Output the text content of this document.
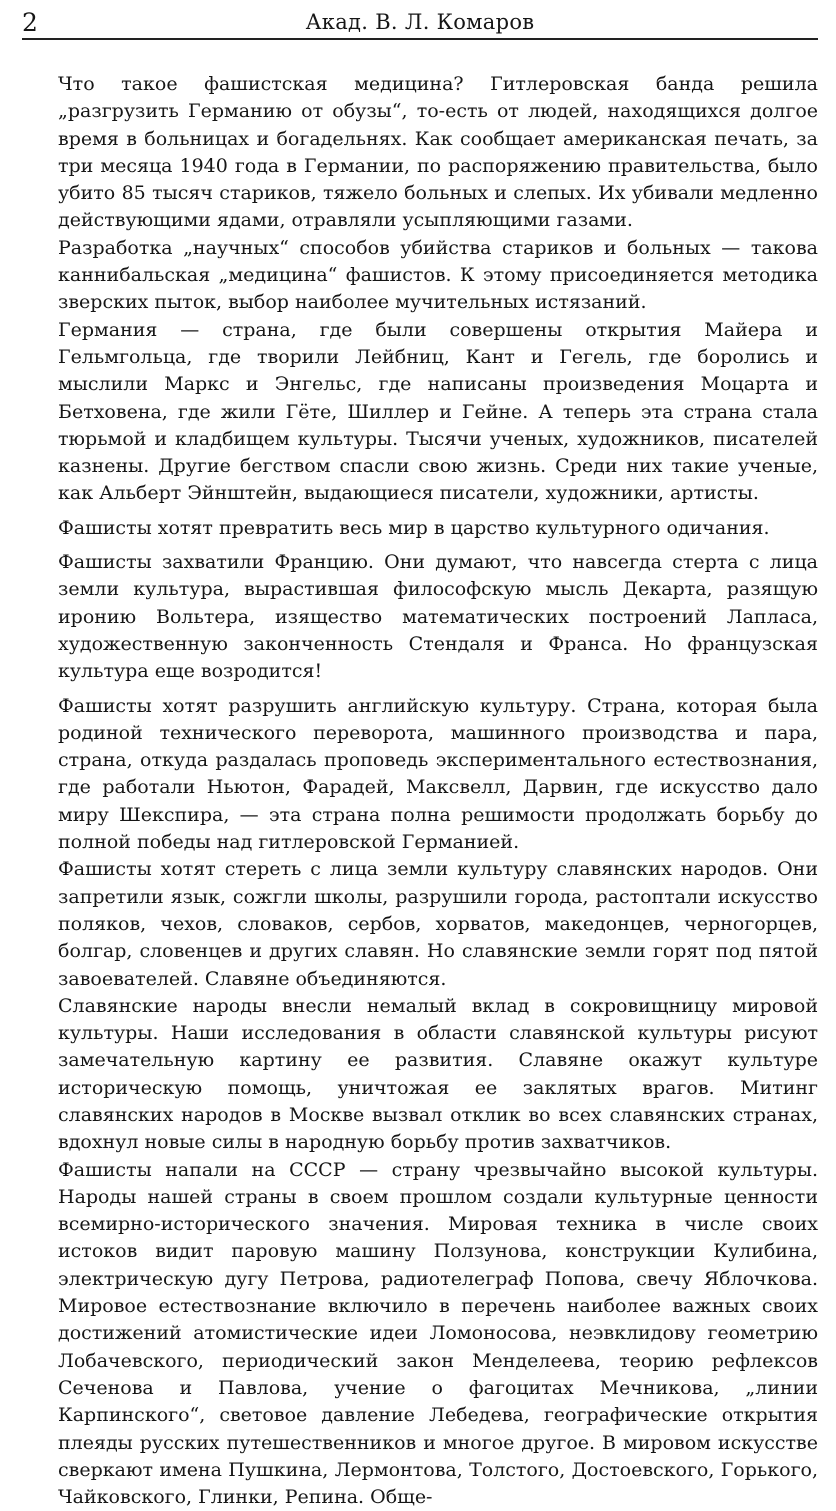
2	Акад. В. Л. Комаров

Что такое фашистская медицина? Гитлеровская банда решила „разгрузить Германию от обузы“, то-есть от людей, находящихся долгое время в больницах и богадельнях. Как сообщает американская печать, за три месяца 1940 года в Германии, по распоряжению правительства, было убито 85 тысяч стариков, тяжело больных и слепых. Их убивали медленно действующими ядами, отравляли усыпляющими газами.

Разработка „научных“ способов убийства стариков и больных — такова каннибальская „медицина“ фашистов. К этому присоединяется методика зверских пыток, выбор наиболее мучительных истязаний.

Германия — страна, где были совершены открытия Майера и Гельмгольца, где творили Лейбниц, Кант и Гегель, где боролись и мыслили Маркс и Энгельс, где написаны произведения Моцарта и Бетховена, где жили Гёте, Шиллер и Гейне. А теперь эта страна стала тюрьмой и кладбищем культуры. Тысячи ученых, художников, писателей казнены. Другие бегством спасли свою жизнь. Среди них такие ученые, как Альберт Эйнштейн, выдающиеся писатели, художники, артисты.

Фашисты хотят превратить весь мир в царство культурного одичания.

Фашисты захватили Францию. Они думают, что навсегда стерта с лица земли культура, вырастившая философскую мысль Декарта, разящую иронию Вольтера, изящество математических построений Лапласа, художественную законченность Стендаля и Франса. Но французская культура еще возродится!

Фашисты хотят разрушить английскую культуру. Страна, которая была родиной технического переворота, машинного производства и пара, страна, откуда раздалась проповедь экспериментального естествознания, где работали Ньютон, Фарадей, Максвелл, Дарвин, где искусство дало миру Шекспира, — эта страна полна решимости продолжать борьбу до полной победы над гитлеровской Германией.

Фашисты хотят стереть с лица земли культуру славянских народов. Они запретили язык, сожгли школы, разрушили города, растоптали искусство поляков, чехов, словаков, сербов, хорватов, македонцев, черногорцев, болгар, словенцев и других славян. Но славянские земли горят под пятой завоевателей. Славяне объединяются.

Славянские народы внесли немалый вклад в сокровищницу мировой культуры. Наши исследования в области славянской культуры рисуют замечательную картину ее развития. Славяне окажут культуре историческую помощь, уничтожая ее заклятых врагов. Митинг славянских народов в Москве вызвал отклик во всех славянских странах, вдохнул новые силы в народную борьбу против захватчиков.

Фашисты напали на СССР — страну чрезвычайно высокой культуры. Народы нашей страны в своем прошлом создали культурные ценности всемирно-исторического значения. Мировая техника в числе своих истоков видит паровую машину Ползунова, конструкции Кулибина, электрическую дугу Петрова, радиотелеграф Попова, свечу Яблочкова. Мировое естествознание включило в перечень наиболее важных своих достижений атомистические идеи Ломоносова, неэвклидову геометрию Лобачевского, периодический закон Менделеева, теорию рефлексов Сеченова и Павлова, учение о фагоцитах Мечникова, „линии Карпинского“, световое давление Лебедева, географические открытия плеяды русских путешественников и многое другое. В мировом искусстве сверкают имена Пушкина, Лермонтова, Толстого, Достоевского, Горького, Чайковского, Глинки, Репина. Обще-
